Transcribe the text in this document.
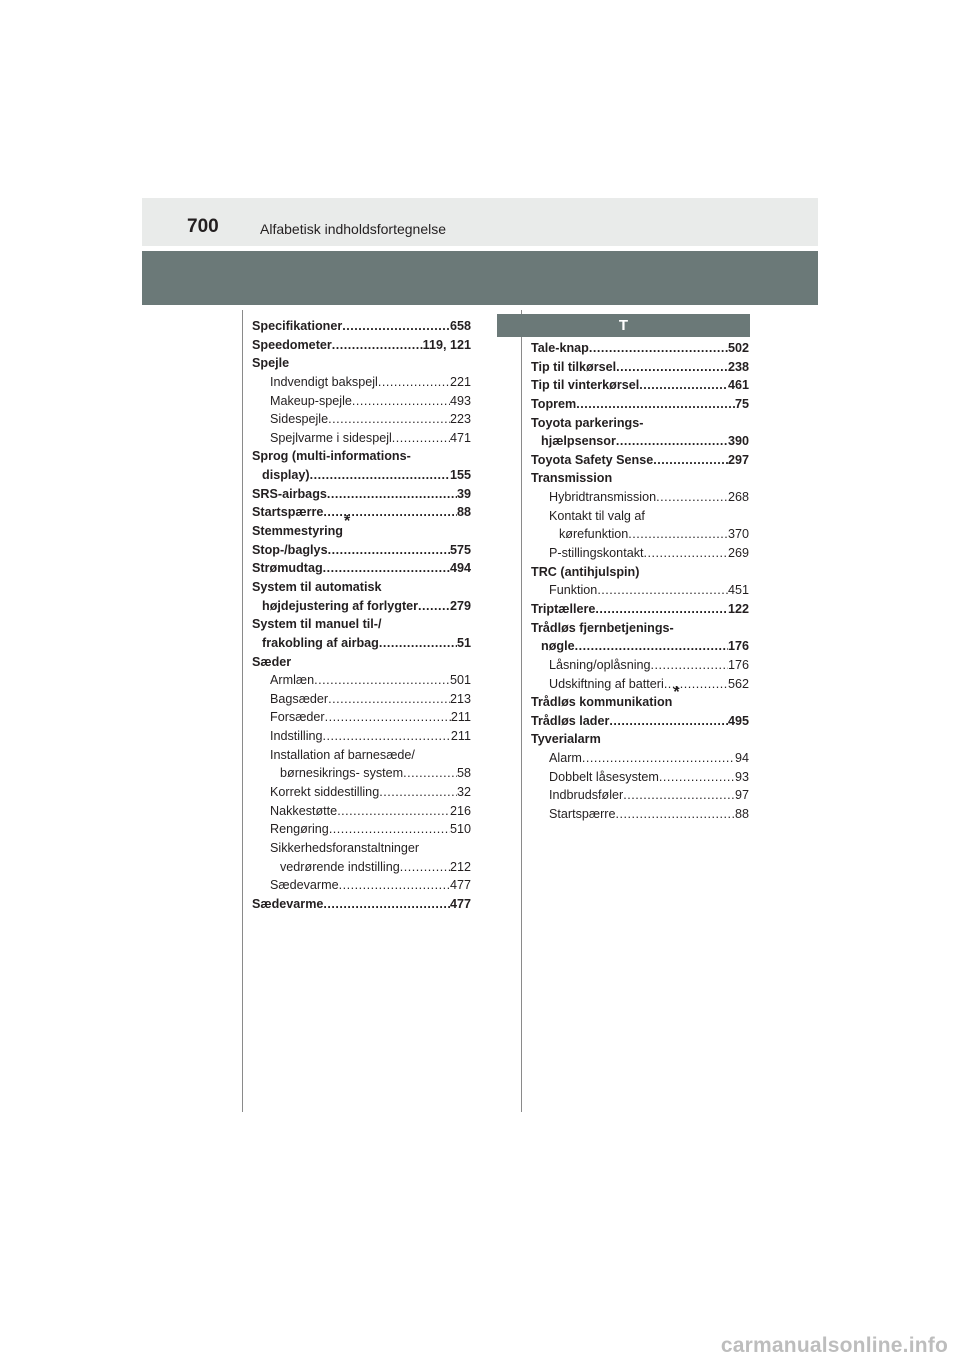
700	Alfabetisk indholdsfortegnelse
Specifikationer .....	658
Speedometer .....	119, 121
Spejle
Indvendigt bakspejl .....	221
Makeup-spejle .....	493
Sidespejle .....	223
Spejlvarme i sidespejl .....	471
Sprog (multi-informations-
display) .....	155
SRS-airbags .....	39
Startspærre .....	88
Stemmestyring
*
Stop-/baglys .....	575
Strømudtag .....	494
System til automatisk
højdejustering af forlygter .....	279
System til manuel til-/
frakobling af airbag .....	51
Sæder
Armlæn .....	501
Bagsæder .....	213
Forsæder .....	211
Indstilling .....	211
Installation af barnesæde/
børnesikrings- system .....	58
Korrekt siddestilling .....	32
Nakkestøtte .....	216
Rengøring .....	510
Sikkerhedsforanstaltninger
vedrørende indstilling .....	212
Sædevarme .....	477
Sædevarme .....	477
T
Tale-knap .....	502
Tip til tilkørsel .....	238
Tip til vinterkørsel .....	461
Toprem .....	75
Toyota parkerings-
hjælpsensor .....	390
Toyota Safety Sense .....	297
Transmission
Hybridtransmission .....	268
Kontakt til valg af
kørefunktion .....	370
P-stillingskontakt .....	269
TRC (antihjulspin)
Funktion .....	451
Triptællere .....	122
Trådløs fjernbetjenings-
nøgle .....	176
Låsning/oplåsning .....	176
Udskiftning af batteri .....	562
Trådløs kommunikation
*
Trådløs lader .....	495
Tyverialarm
Alarm .....	94
Dobbelt låsesystem .....	93
Indbrudsføler .....	97
Startspærre .....	88
carmanualsonline.info
